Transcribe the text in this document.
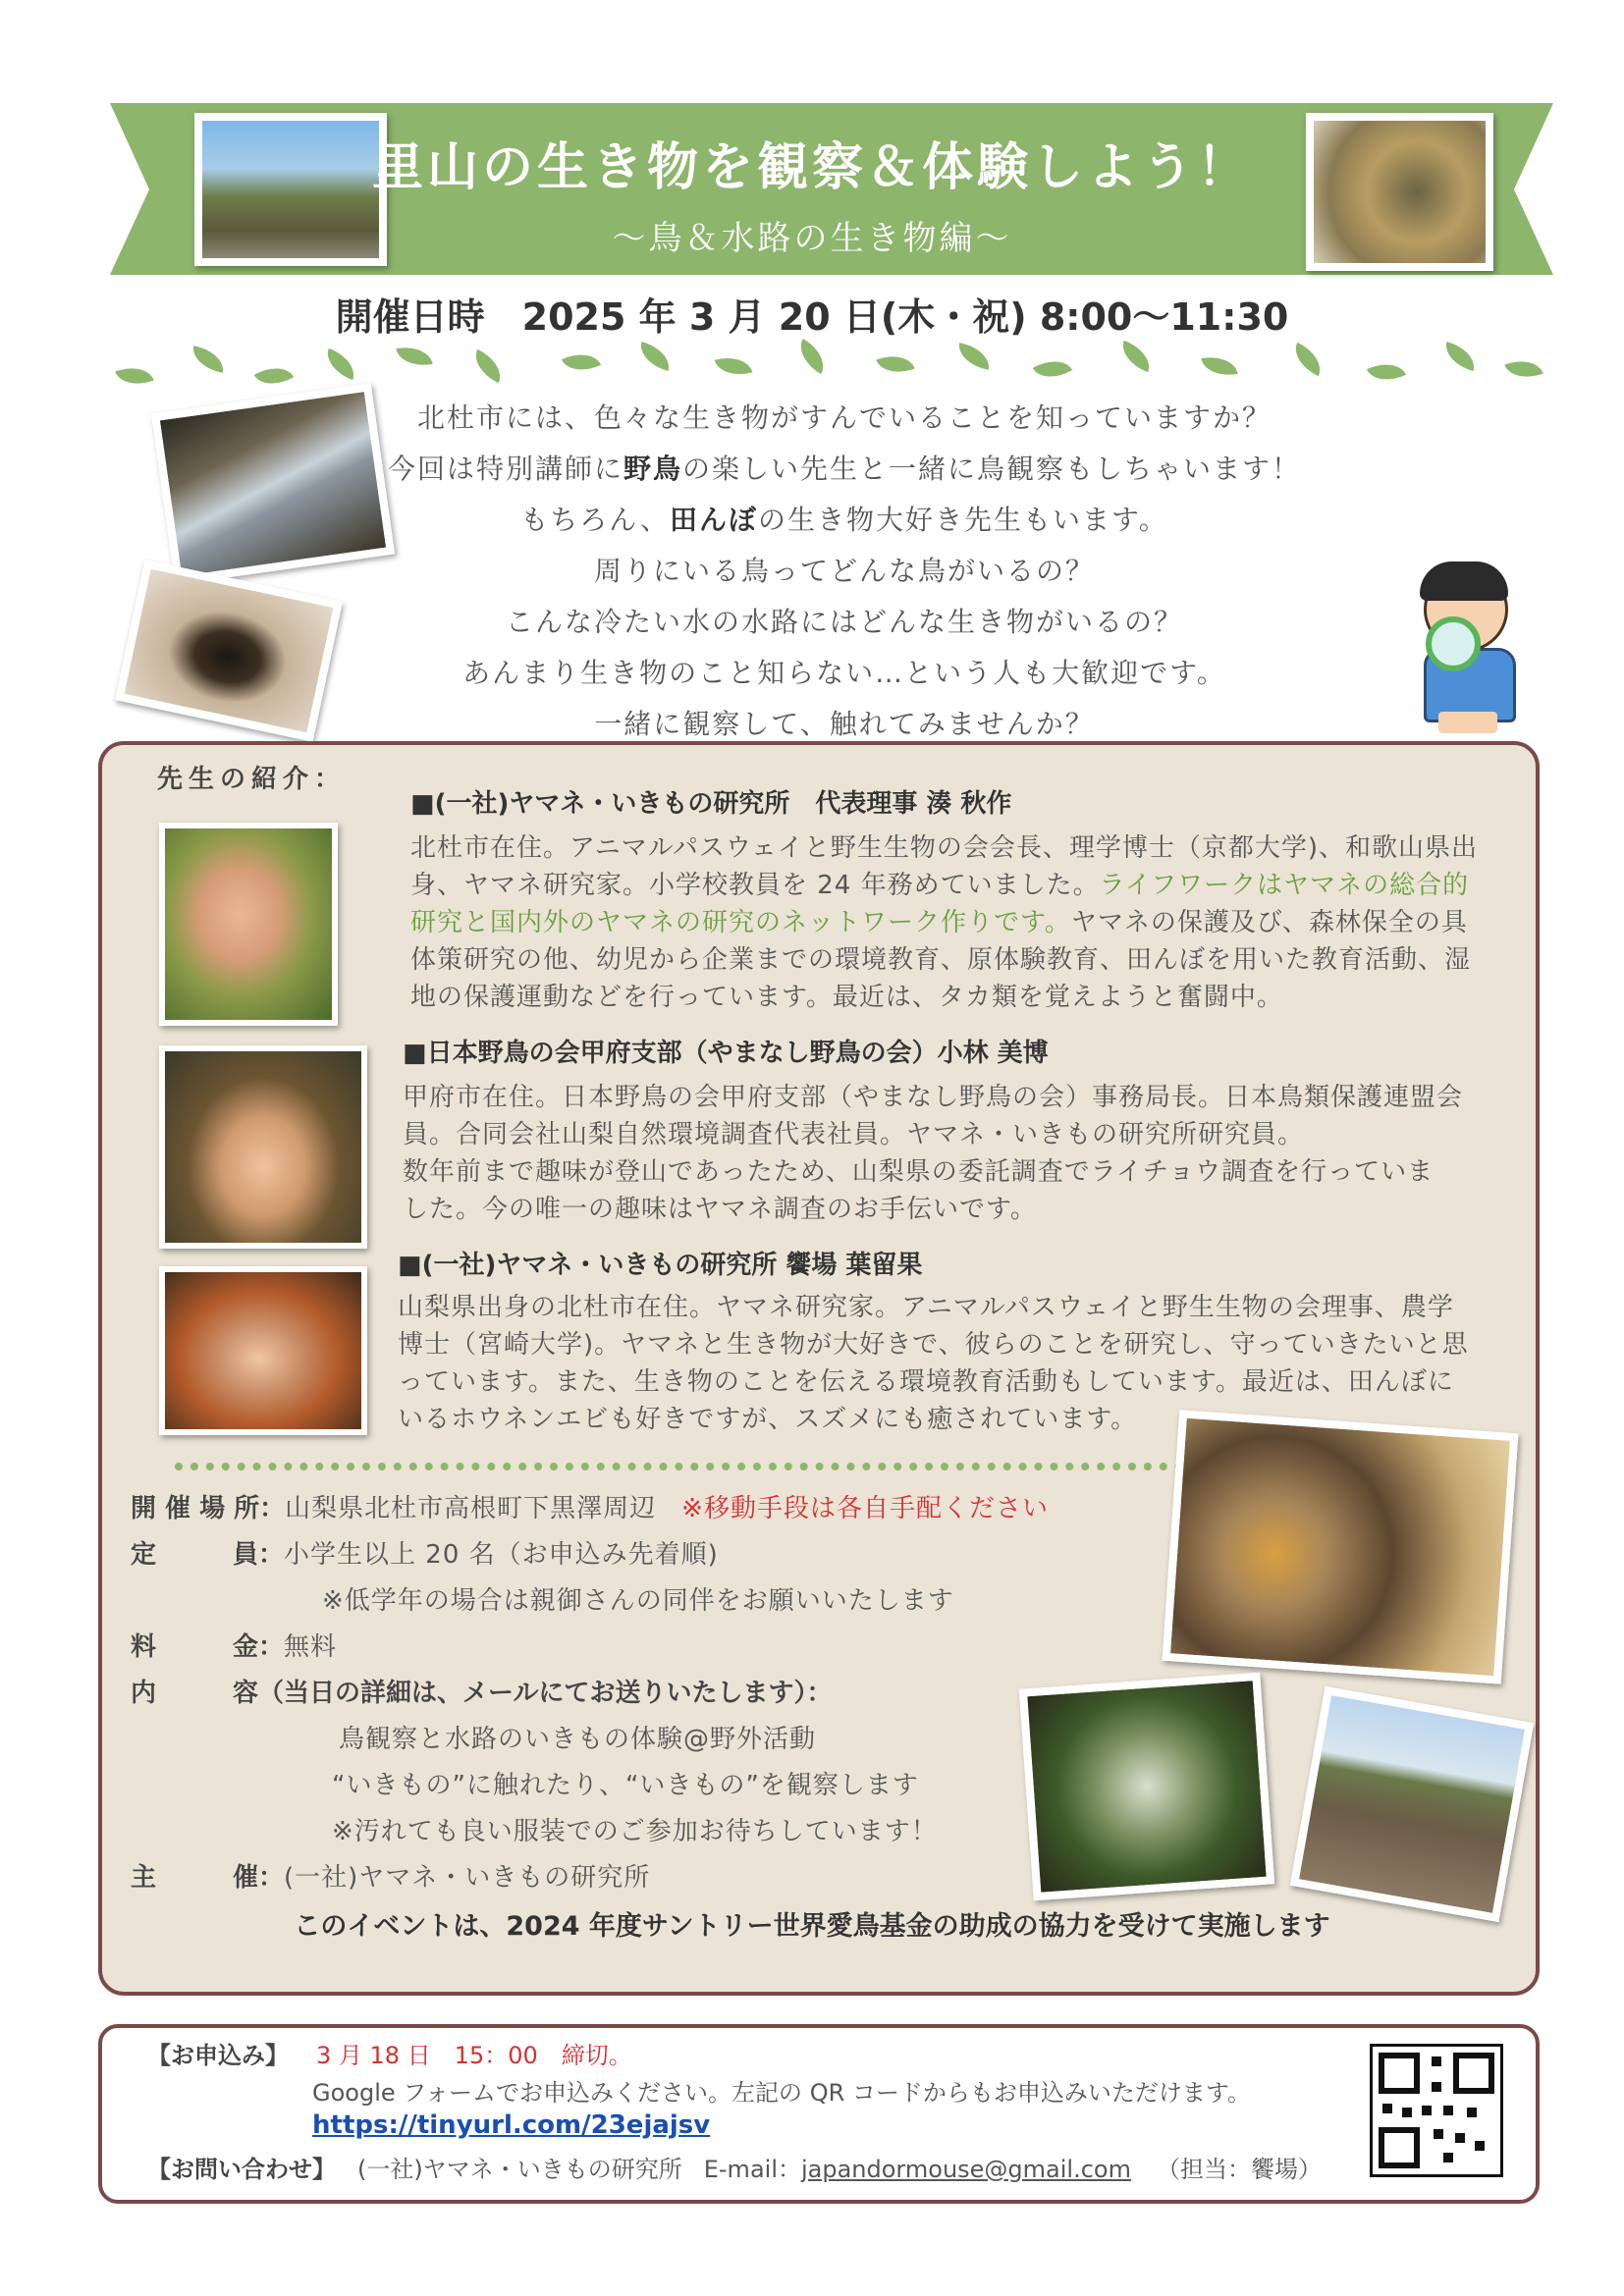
里山の生き物を観察＆体験しよう！
〜鳥＆水路の生き物編〜
開催日時　2025 年 3 月 20 日(木・祝) 8:00〜11:30
北杜市には、色々な生き物がすんでいることを知っていますか？
今回は特別講師に野鳥の楽しい先生と一緒に鳥観察もしちゃいます！
もちろん、田んぼの生き物大好き先生もいます。
周りにいる鳥ってどんな鳥がいるの？
こんな冷たい水の水路にはどんな生き物がいるの？
あんまり生き物のこと知らない…という人も大歓迎です。
一緒に観察して、触れてみませんか？
先生の紹介：
■(一社)ヤマネ・いきもの研究所　代表理事 湊 秋作
北杜市在住。アニマルパスウェイと野生生物の会会長、理学博士（京都大学)、和歌山県出
身、ヤマネ研究家。小学校教員を 24 年務めていました。ライフワークはヤマネの総合的
研究と国内外のヤマネの研究のネットワーク作りです。ヤマネの保護及び、森林保全の具
体策研究の他、幼児から企業までの環境教育、原体験教育、田んぼを用いた教育活動、湿
地の保護運動などを行っています。最近は、タカ類を覚えようと奮闘中。
■日本野鳥の会甲府支部（やまなし野鳥の会）小林 美博
甲府市在住。日本野鳥の会甲府支部（やまなし野鳥の会）事務局長。日本鳥類保護連盟会
員。合同会社山梨自然環境調査代表社員。ヤマネ・いきもの研究所研究員。
数年前まで趣味が登山であったため、山梨県の委託調査でライチョウ調査を行っていま
した。今の唯一の趣味はヤマネ調査のお手伝いです。
■(一社)ヤマネ・いきもの研究所 饗場 葉留果
山梨県出身の北杜市在住。ヤマネ研究家。アニマルパスウェイと野生生物の会理事、農学
博士（宮崎大学)。ヤマネと生き物が大好きで、彼らのことを研究し、守っていきたいと思
っています。また、生き物のことを伝える環境教育活動もしています。最近は、田んぼに
いるホウネンエビも好きですが、スズメにも癒されています。
開 催 場 所：山梨県北杜市高根町下黒澤周辺 ※移動手段は各自手配ください
定　　　員：小学生以上 20 名（お申込み先着順)
※低学年の場合は親御さんの同伴をお願いいたします
料　　　金：無料
内　　　容（当日の詳細は、メールにてお送りいたします）：
鳥観察と水路のいきもの体験@野外活動
“いきもの”に触れたり、“いきもの”を観察します
※汚れても良い服装でのご参加お待ちしています！
主　　　催：(一社)ヤマネ・いきもの研究所
このイベントは、2024 年度サントリー世界愛鳥基金の助成の協力を受けて実施します
【お申込み】 3 月 18 日　15：00　締切。
Google フォームでお申込みください。左記の QR コードからもお申込みいただけます。
https://tinyurl.com/23ejajsv
【お問い合わせ】 (一社)ヤマネ・いきもの研究所 E-mail：japandormouse@gmail.com （担当：饗場）
